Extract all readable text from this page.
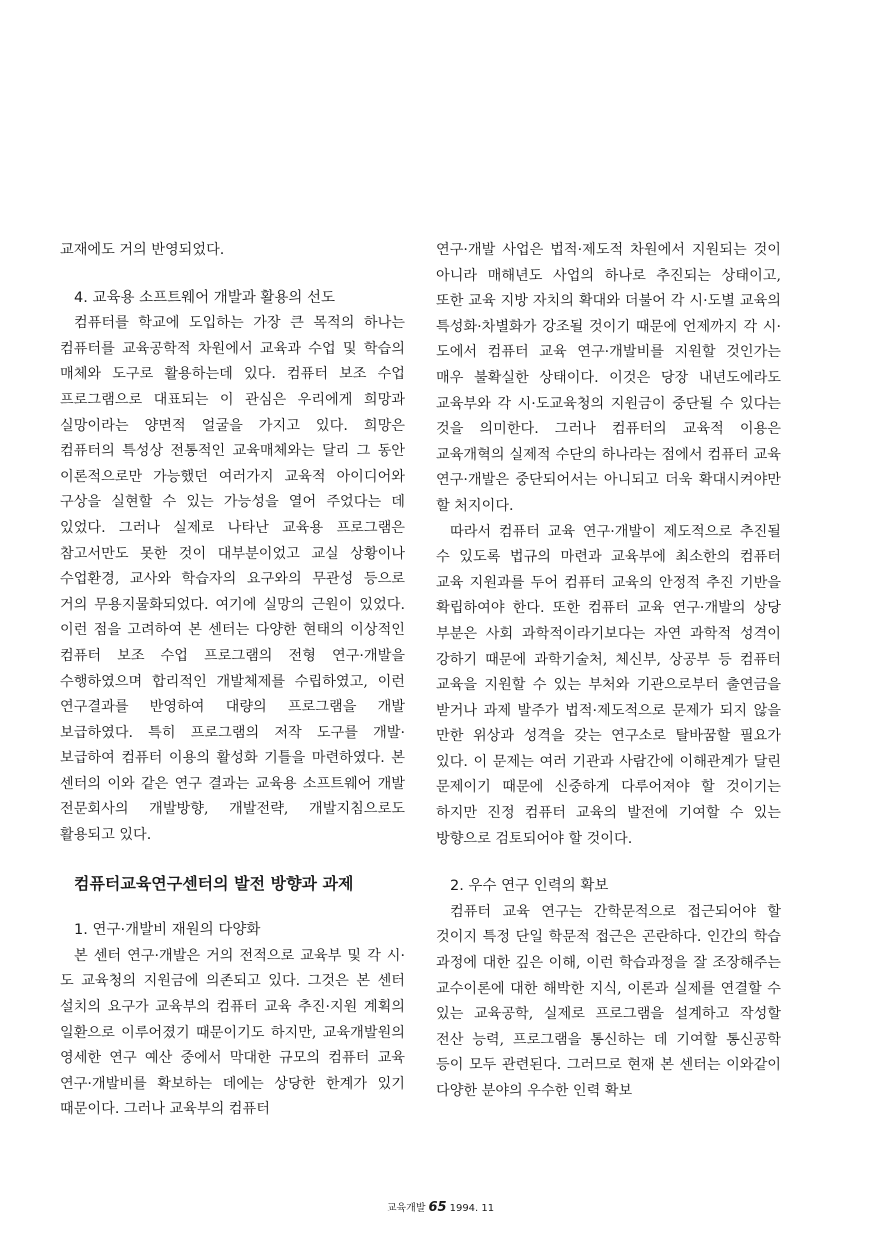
교재에도 거의 반영되었다.

4. 교육용 소프트웨어 개발과 활용의 선도

컴퓨터를 학교에 도입하는 가장 큰 목적의 하나는 컴퓨터를 교육공학적 차원에서 교육과 수업 및 학습의 매체와 도구로 활용하는데 있다. 컴퓨터 보조 수업 프로그램으로 대표되는 이 관심은 우리에게 희망과 실망이라는 양면적 얼굴을 가지고 있다. 희망은 컴퓨터의 특성상 전통적인 교육매체와는 달리 그 동안 이론적으로만 가능했던 여러가지 교육적 아이디어와 구상을 실현할 수 있는 가능성을 열어 주었다는 데 있었다. 그러나 실제로 나타난 교육용 프로그램은 참고서만도 못한 것이 대부분이었고 교실 상황이나 수업환경, 교사와 학습자의 요구와의 무관성 등으로 거의 무용지물화되었다. 여기에 실망의 근원이 있었다. 이런 점을 고려하여 본 센터는 다양한 현태의 이상적인 컴퓨터 보조 수업 프로그램의 전형 연구·개발을 수행하였으며 합리적인 개발체제를 수립하였고, 이런 연구결과를 반영하여 대량의 프로그램을 개발 보급하였다. 특히 프로그램의 저작 도구를 개발·보급하여 컴퓨터 이용의 활성화 기틀을 마련하였다. 본 센터의 이와 같은 연구 결과는 교육용 소프트웨어 개발 전문회사의 개발방향, 개발전략, 개발지침으로도 활용되고 있다.

컴퓨터교육연구센터의 발전 방향과 과제
1. 연구·개발비 재원의 다양화

본 센터 연구·개발은 거의 전적으로 교육부 및 각 시·도 교육청의 지원금에 의존되고 있다. 그것은 본 센터 설치의 요구가 교육부의 컴퓨터 교육 추진·지원 계획의 일환으로 이루어졌기 때문이기도 하지만, 교육개발원의 영세한 연구 예산 중에서 막대한 규모의 컴퓨터 교육 연구·개발비를 확보하는 데에는 상당한 한계가 있기 때문이다. 그러나 교육부의 컴퓨터

연구·개발 사업은 법적·제도적 차원에서 지원되는 것이 아니라 매해년도 사업의 하나로 추진되는 상태이고, 또한 교육 지방 자치의 확대와 더불어 각 시·도별 교육의 특성화·차별화가 강조될 것이기 때문에 언제까지 각 시·도에서 컴퓨터 교육 연구·개발비를 지원할 것인가는 매우 불확실한 상태이다. 이것은 당장 내년도에라도 교육부와 각 시·도교육청의 지원금이 중단될 수 있다는 것을 의미한다. 그러나 컴퓨터의 교육적 이용은 교육개혁의 실제적 수단의 하나라는 점에서 컴퓨터 교육 연구·개발은 중단되어서는 아니되고 더욱 확대시켜야만 할 처지이다.

따라서 컴퓨터 교육 연구·개발이 제도적으로 추진될 수 있도록 법규의 마련과 교육부에 최소한의 컴퓨터 교육 지원과를 두어 컴퓨터 교육의 안정적 추진 기반을 확립하여야 한다. 또한 컴퓨터 교육 연구·개발의 상당 부분은 사회 과학적이라기보다는 자연 과학적 성격이 강하기 때문에 과학기술처, 체신부, 상공부 등 컴퓨터 교육을 지원할 수 있는 부처와 기관으로부터 출연금을 받거나 과제 발주가 법적·제도적으로 문제가 되지 않을 만한 위상과 성격을 갖는 연구소로 탈바꿈할 필요가 있다. 이 문제는 여러 기관과 사람간에 이해관계가 달린 문제이기 때문에 신중하게 다루어져야 할 것이기는 하지만 진정 컴퓨터 교육의 발전에 기여할 수 있는 방향으로 검토되어야 할 것이다.

2. 우수 연구 인력의 확보

컴퓨터 교육 연구는 간학문적으로 접근되어야 할 것이지 특정 단일 학문적 접근은 곤란하다. 인간의 학습 과정에 대한 깊은 이해, 이런 학습과정을 잘 조장해주는 교수이론에 대한 해박한 지식, 이론과 실제를 연결할 수 있는 교육공학, 실제로 프로그램을 설계하고 작성할 전산 능력, 프로그램을 통신하는 데 기여할 통신공학 등이 모두 관련된다. 그러므로 현재 본 센터는 이와같이 다양한 분야의 우수한 인력 확보

교육개발 65 1994. 11
